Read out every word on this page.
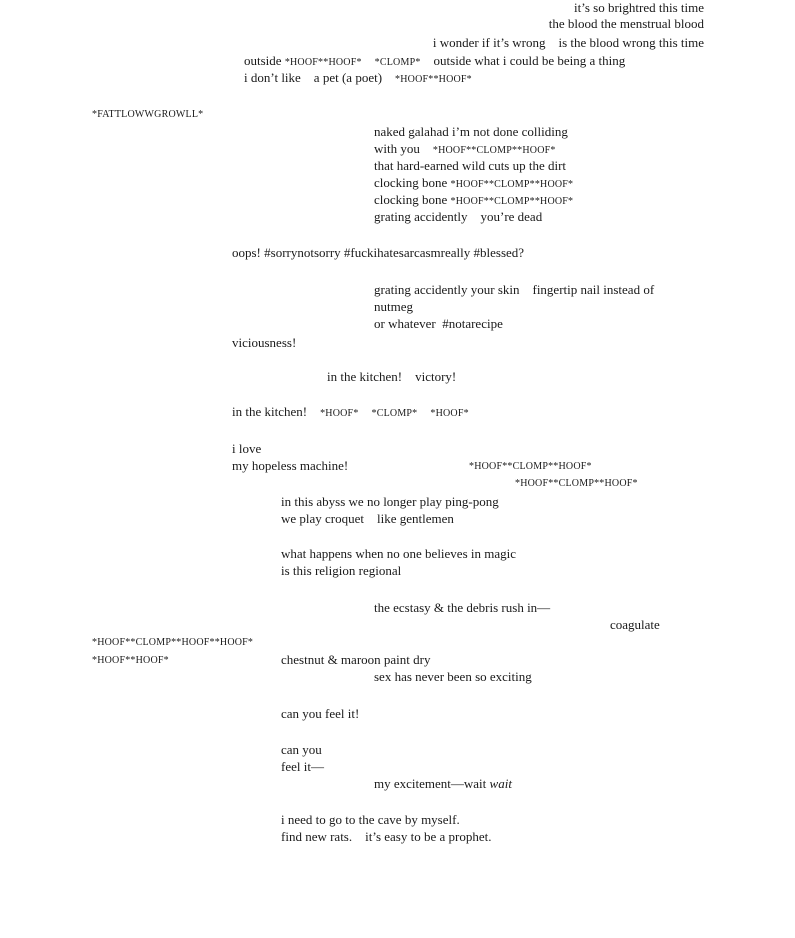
it’s so brightred this time
the blood the menstrual blood
i wonder if it’s wrong    is the blood wrong this time
outside *HOOF**HOOF* *CLOMP*    outside what i could be being a thing
i don’t like    a pet (a poet)    *HOOF**HOOF*
*FATTLOWWGROWLL*
naked galahad i’m not done colliding
with you    *HOOF**CLOMP**HOOF*
that hard-earned wild cuts up the dirt
clocking bone *HOOF**CLOMP**HOOF*
clocking bone *HOOF**CLOMP**HOOF*
grating accidently    you’re dead
oops! #sorrynotsorry #fuckihatesarcasmreally #blessed?
grating accidently your skin    fingertip nail instead of
nutmeg
or whatever  #notarecipe
viciousness!
in the kitchen!    victory!
in the kitchen!    *HOOF* *CLOMP* *HOOF*
i love
my hopeless machine!	*HOOF**CLOMP**HOOF*
*HOOF**CLOMP**HOOF*
in this abyss we no longer play ping-pong
we play croquet    like gentlemen
what happens when no one believes in magic
is this religion regional
the ecstasy & the debris rush in—
coagulate
*HOOF**CLOMP**HOOF**HOOF*
*HOOF**HOOF*	chestnut & maroon paint dry
sex has never been so exciting
can you feel it!
can you
feel it—
my excitement—wait wait
i need to go to the cave by myself.
find new rats.    it’s easy to be a prophet.
